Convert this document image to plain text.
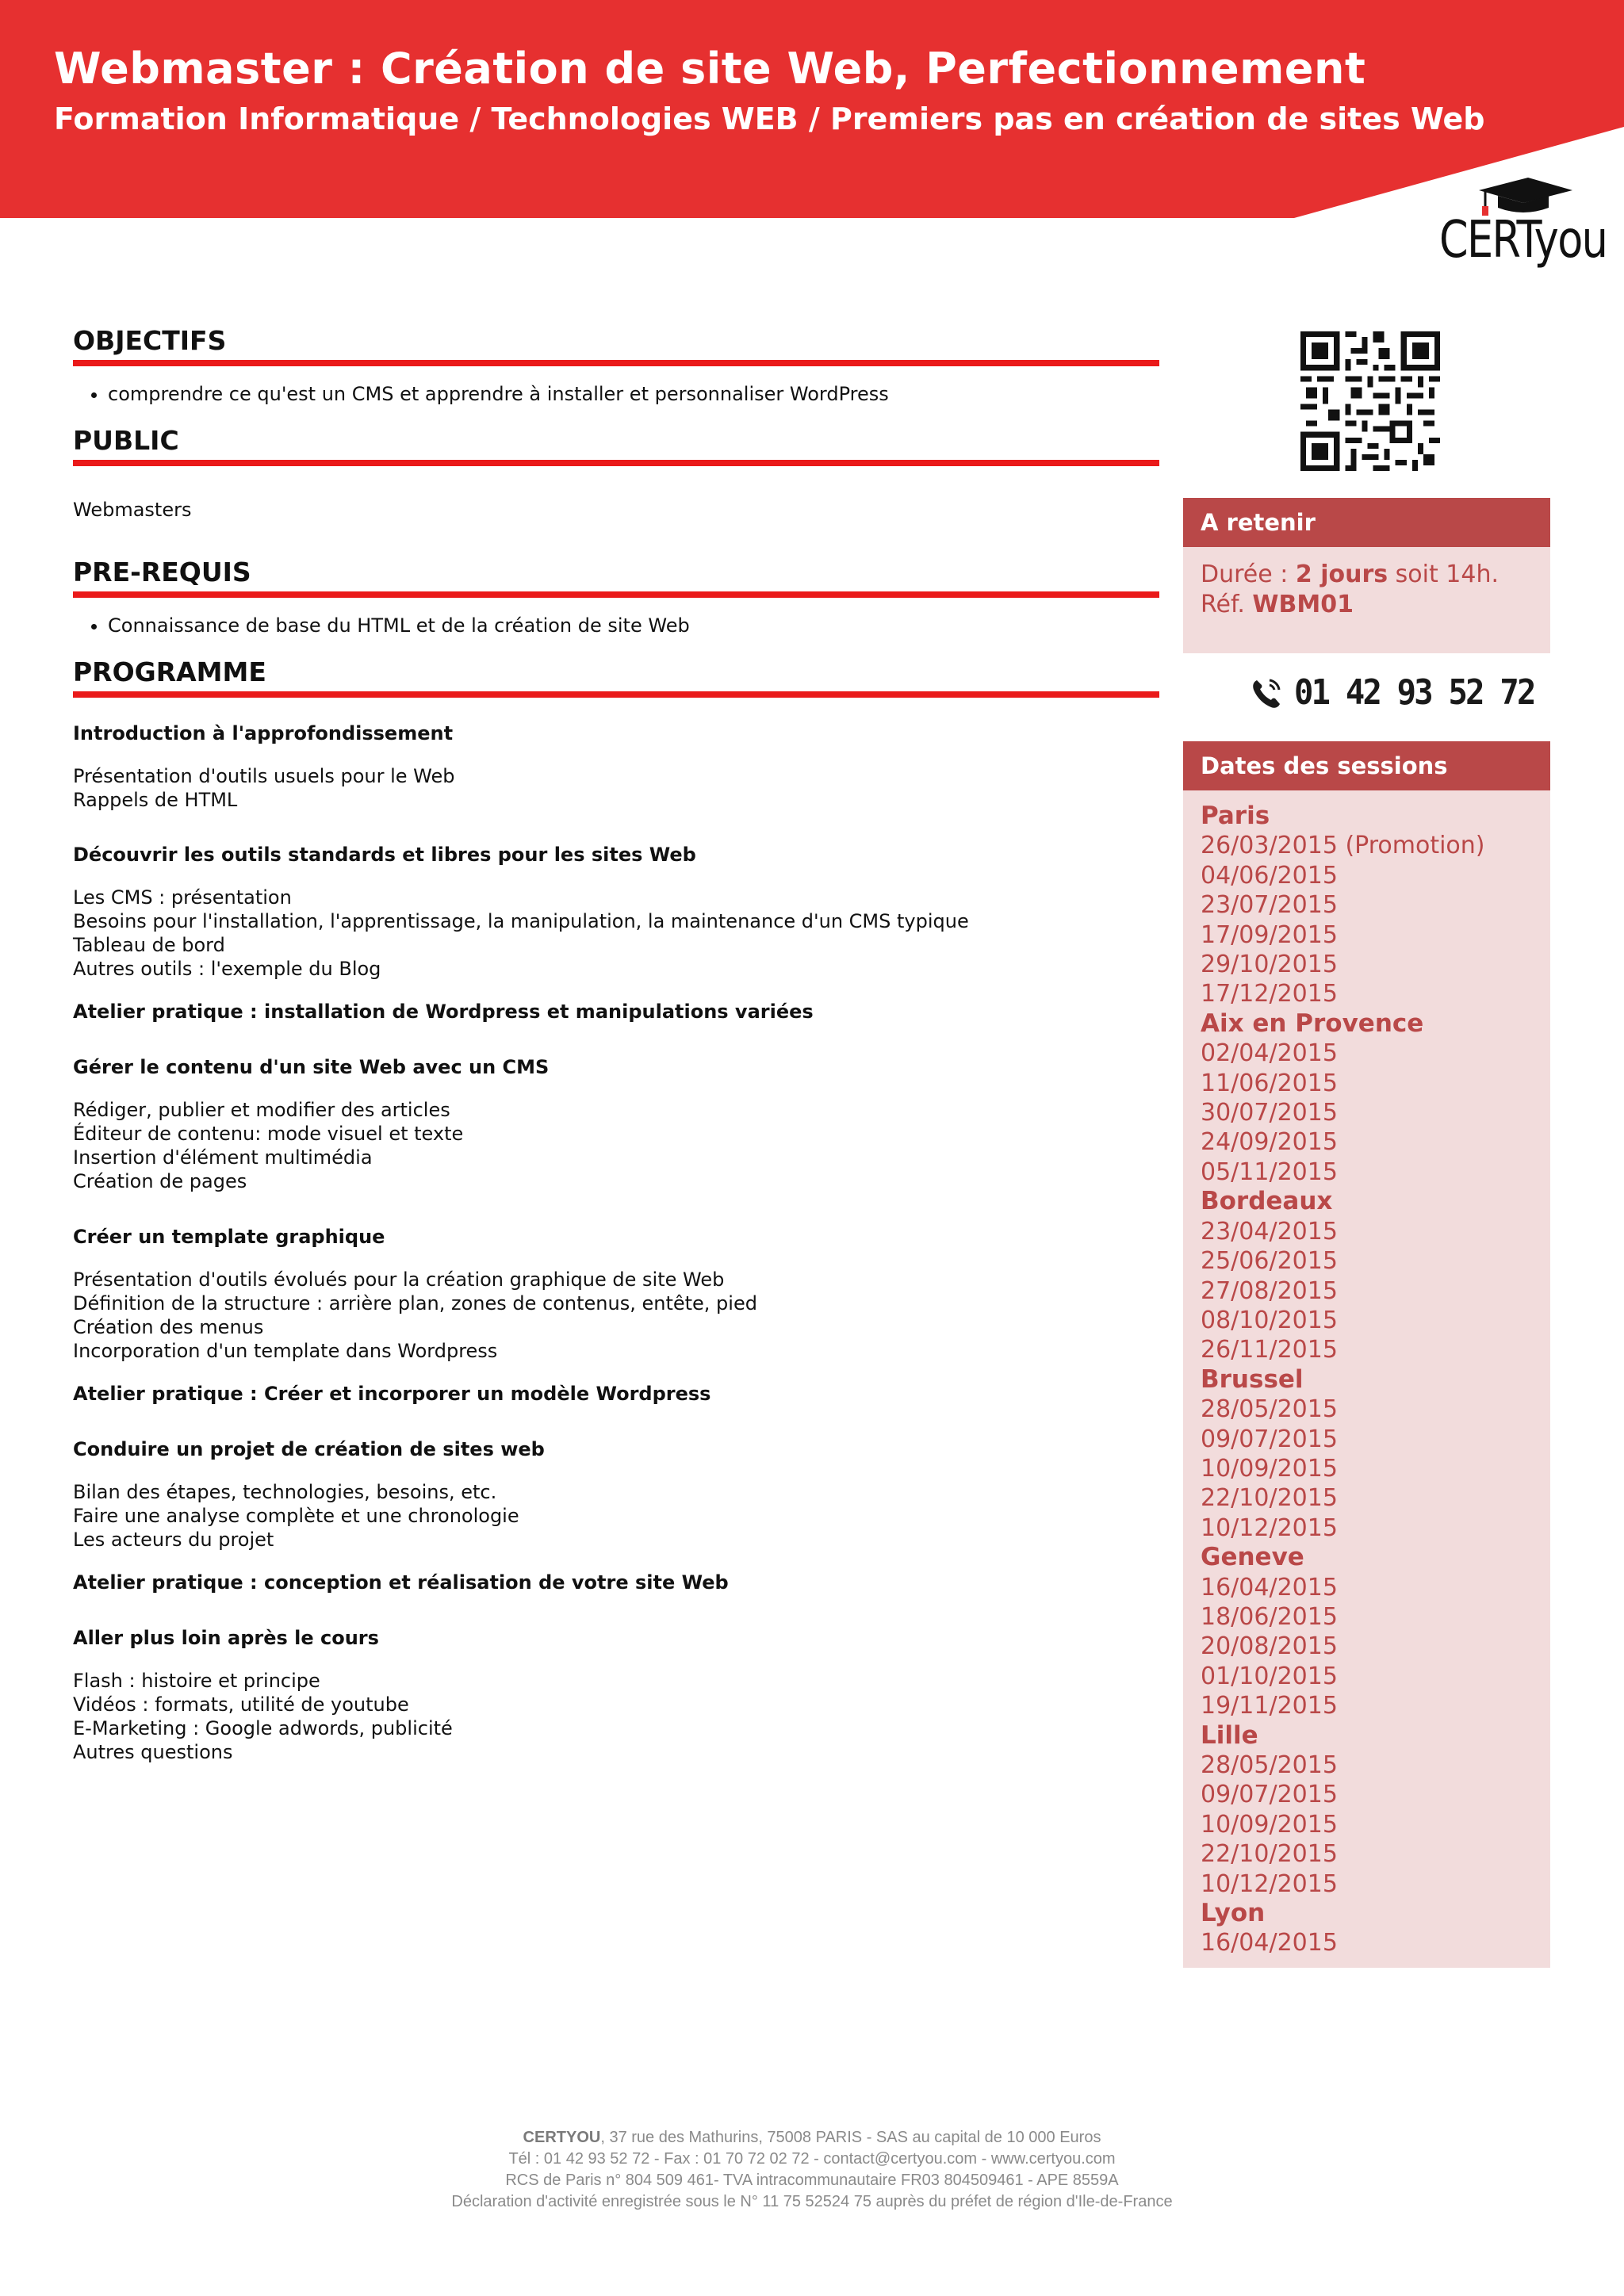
Webmaster : Création de site Web, Perfectionnement
Formation Informatique / Technologies WEB / Premiers pas en création de sites Web
CERTyou
OBJECTIFS
• comprendre ce qu'est un CMS et apprendre à installer et personnaliser WordPress
PUBLIC

Webmasters

PRE-REQUIS
• Connaissance de base du HTML et de la création de site Web
PROGRAMME

Introduction à l'approfondissement

Présentation d'outils usuels pour le Web
Rappels de HTML

Découvrir les outils standards et libres pour les sites Web

Les CMS : présentation
Besoins pour l'installation, l'apprentissage, la manipulation, la maintenance d'un CMS typique
Tableau de bord
Autres outils : l'exemple du Blog

Atelier pratique : installation de Wordpress et manipulations variées

Gérer le contenu d'un site Web avec un CMS

Rédiger, publier et modifier des articles
Éditeur de contenu: mode visuel et texte
Insertion d'élément multimédia
Création de pages

Créer un template graphique

Présentation d'outils évolués pour la création graphique de site Web
Définition de la structure : arrière plan, zones de contenus, entête, pied
Création des menus
Incorporation d'un template dans Wordpress

Atelier pratique : Créer et incorporer un modèle Wordpress

Conduire un projet de création de sites web

Bilan des étapes, technologies, besoins, etc.
Faire une analyse complète et une chronologie
Les acteurs du projet

Atelier pratique : conception et réalisation de votre site Web

Aller plus loin après le cours

Flash : histoire et principe
Vidéos : formats, utilité de youtube
E-Marketing : Google adwords, publicité
Autres questions
A retenir
Durée : 2 jours soit 14h.
Réf. WBM01
01 42 93 52 72
Dates des sessions
Paris
26/03/2015 (Promotion)
04/06/2015
23/07/2015
17/09/2015
29/10/2015
17/12/2015
Aix en Provence
02/04/2015
11/06/2015
30/07/2015
24/09/2015
05/11/2015
Bordeaux
23/04/2015
25/06/2015
27/08/2015
08/10/2015
26/11/2015
Brussel
28/05/2015
09/07/2015
10/09/2015
22/10/2015
10/12/2015
Geneve
16/04/2015
18/06/2015
20/08/2015
01/10/2015
19/11/2015
Lille
28/05/2015
09/07/2015
10/09/2015
22/10/2015
10/12/2015
Lyon
16/04/2015
CERTYOU, 37 rue des Mathurins, 75008 PARIS - SAS au capital de 10 000 Euros
Tél : 01 42 93 52 72 - Fax : 01 70 72 02 72 - contact@certyou.com - www.certyou.com
RCS de Paris n° 804 509 461- TVA intracommunautaire FR03 804509461 - APE 8559A
Déclaration d'activité enregistrée sous le N° 11 75 52524 75 auprès du préfet de région d'Ile-de-France
